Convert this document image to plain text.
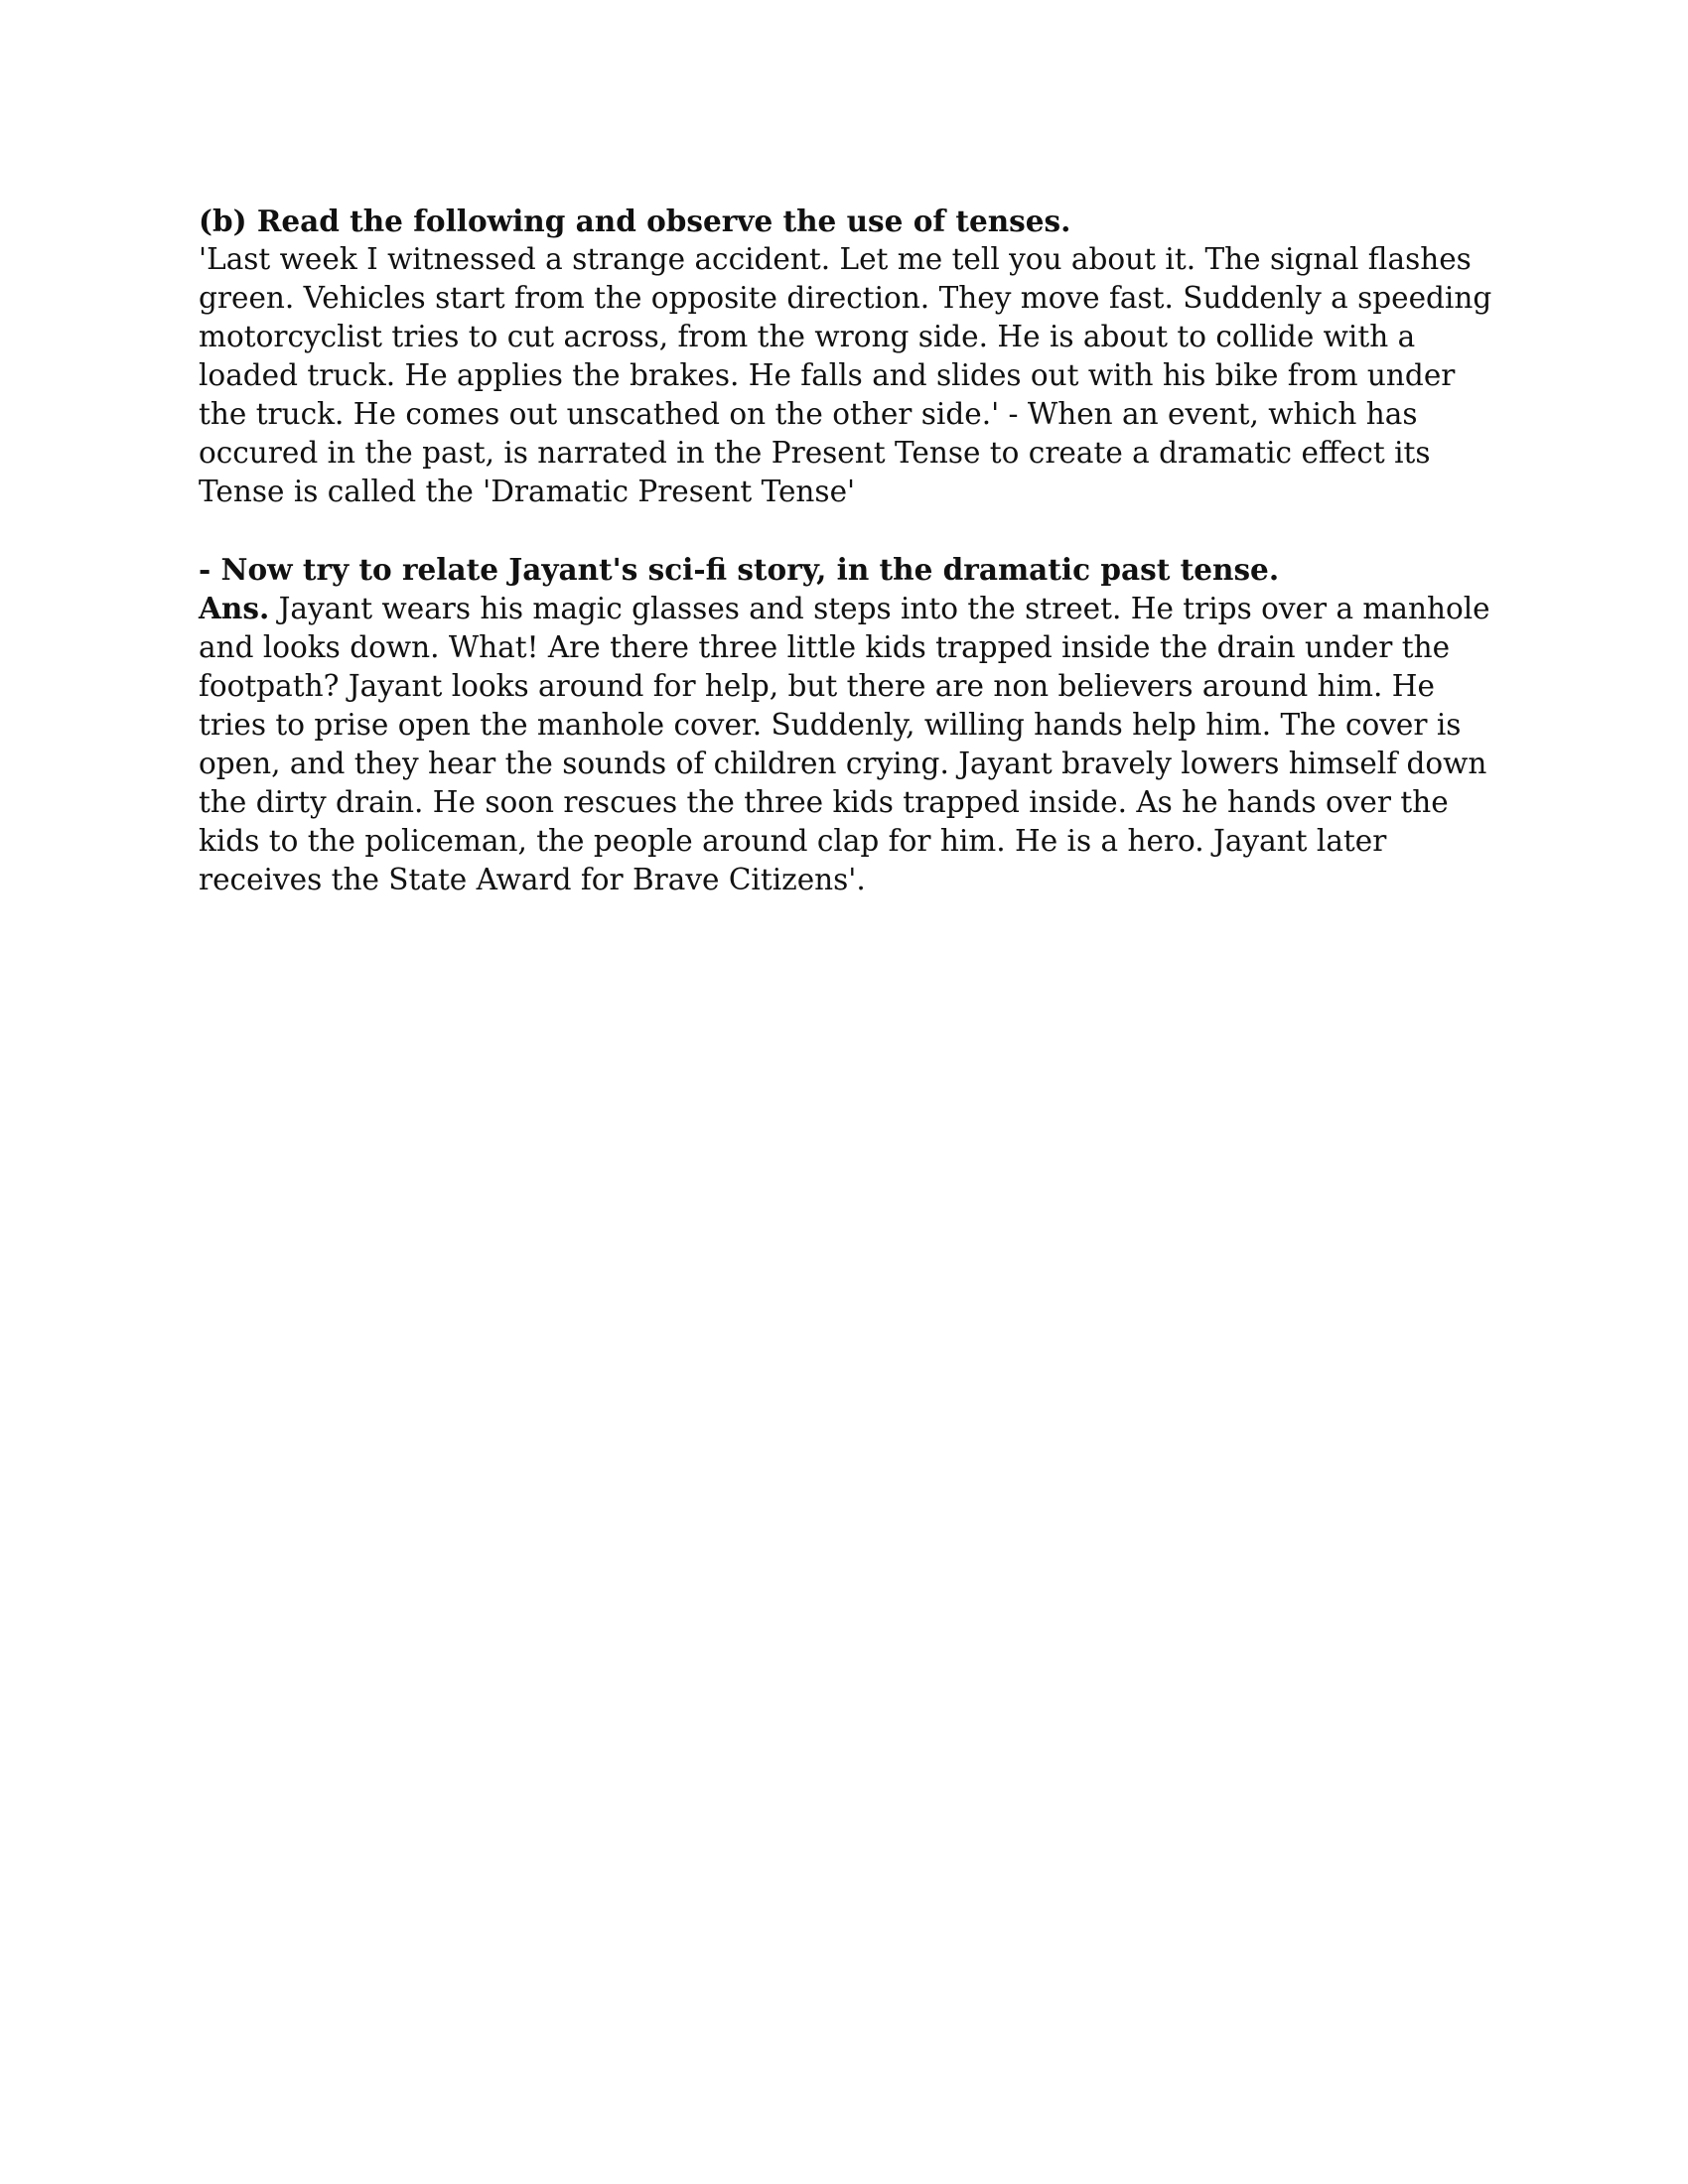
(b) Read the following and observe the use of tenses.

'Last week I witnessed a strange accident. Let me tell you about it. The signal flashes green. Vehicles start from the opposite direction. They move fast. Suddenly a speeding motorcyclist tries to cut across, from the wrong side. He is about to collide with a loaded truck. He applies the brakes. He falls and slides out with his bike from under the truck. He comes out unscathed on the other side.' - When an event, which has occured in the past, is narrated in the Present Tense to create a dramatic effect its Tense is called the 'Dramatic Present Tense'

- Now try to relate Jayant's sci-fi story, in the dramatic past tense.

Ans. Jayant wears his magic glasses and steps into the street. He trips over a manhole and looks down. What! Are there three little kids trapped inside the drain under the footpath? Jayant looks around for help, but there are non believers around him. He tries to prise open the manhole cover. Suddenly, willing hands help him. The cover is open, and they hear the sounds of children crying. Jayant bravely lowers himself down the dirty drain. He soon rescues the three kids trapped inside. As he hands over the kids to the policeman, the people around clap for him. He is a hero. Jayant later receives the State Award for Brave Citizens'.
